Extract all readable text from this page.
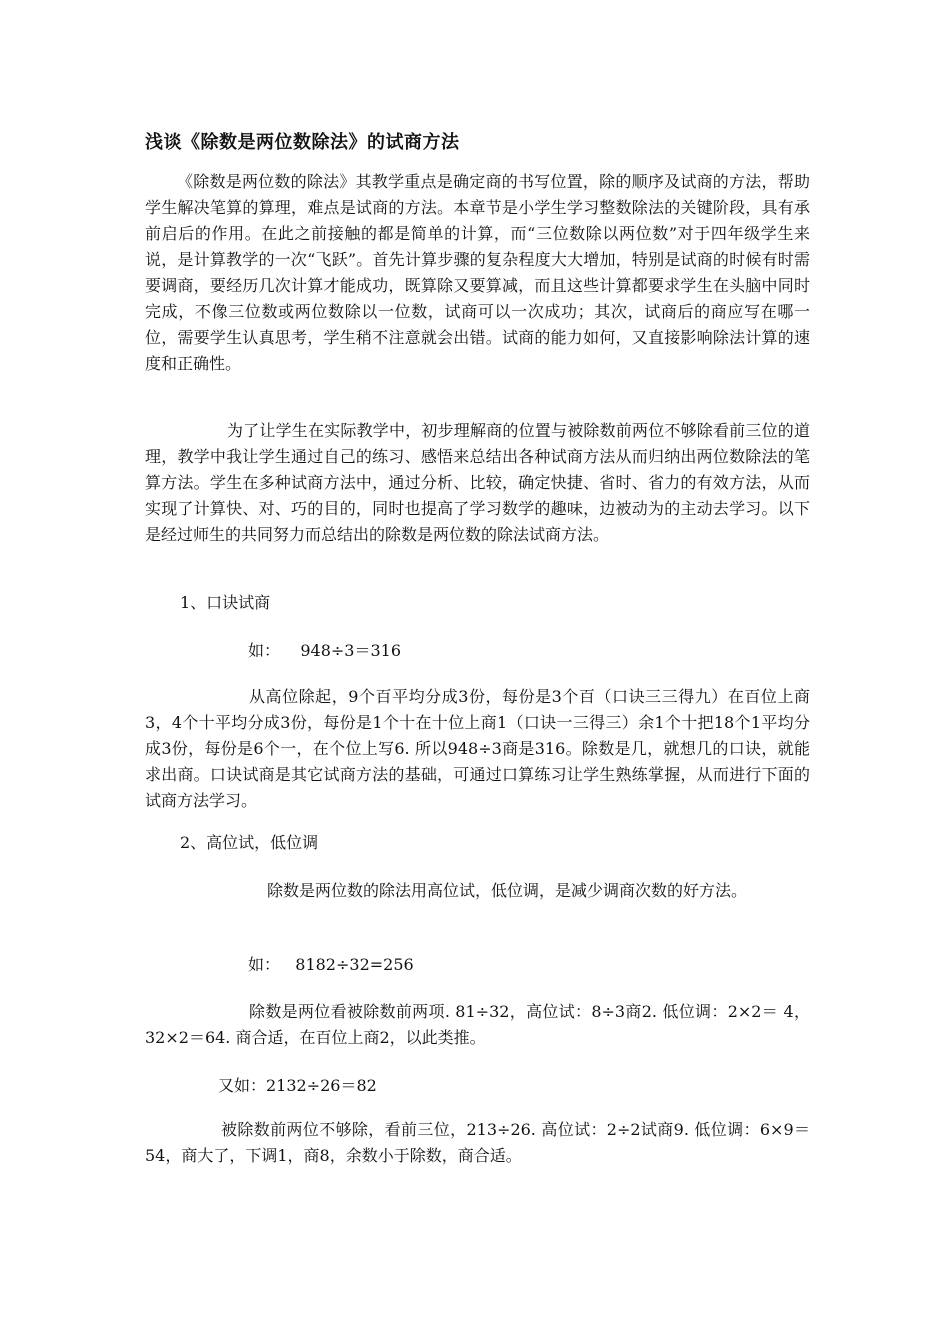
浅谈《除数是两位数除法》的试商方法

《除数是两位数的除法》其教学重点是确定商的书写位置，除的顺序及试商的方法，帮助学生解决笔算的算理，难点是试商的方法。本章节是小学生学习整数除法的关键阶段，具有承前启后的作用。在此之前接触的都是简单的计算，而“三位数除以两位数”对于四年级学生来说，是计算教学的一次“飞跃”。首先计算步骤的复杂程度大大增加，特别是试商的时候有时需要调商，要经历几次计算才能成功，既算除又要算减，而且这些计算都要求学生在头脑中同时完成，不像三位数或两位数除以一位数，试商可以一次成功；其次，试商后的商应写在哪一位，需要学生认真思考，学生稍不注意就会出错。试商的能力如何，又直接影响除法计算的速度和正确性。

为了让学生在实际教学中，初步理解商的位置与被除数前两位不够除看前三位的道理，教学中我让学生通过自己的练习、感悟来总结出各种试商方法从而归纳出两位数除法的笔算方法。学生在多种试商方法中，通过分析、比较，确定快捷、省时、省力的有效方法，从而实现了计算快、对、巧的目的，同时也提高了学习数学的趣味，边被动为的主动去学习。以下是经过师生的共同努力而总结出的除数是两位数的除法试商方法。

1、口诀试商

如：    948÷3＝316

从高位除起，9个百平均分成3份，每份是3个百（口诀三三得九）在百位上商3，4个十平均分成3份，每份是1个十在十位上商1（口诀一三得三）余1个十把18个1平均分成3份，每份是6个一，在个位上写6. 所以948÷3商是316。除数是几，就想几的口诀，就能求出商。口诀试商是其它试商方法的基础，可通过口算练习让学生熟练掌握，从而进行下面的试商方法学习。

2、高位试，低位调

除数是两位数的除法用高位试，低位调，是减少调商次数的好方法。

如：   8182÷32=256

除数是两位看被除数前两项. 81÷32，高位试：8÷3商2. 低位调：2×2＝ 4， 32×2＝64. 商合适，在百位上商2，以此类推。

又如：2132÷26＝82

被除数前两位不够除，看前三位，213÷26. 高位试：2÷2试商9. 低位调：6×9＝54，商大了，下调1，商8，余数小于除数，商合适。
